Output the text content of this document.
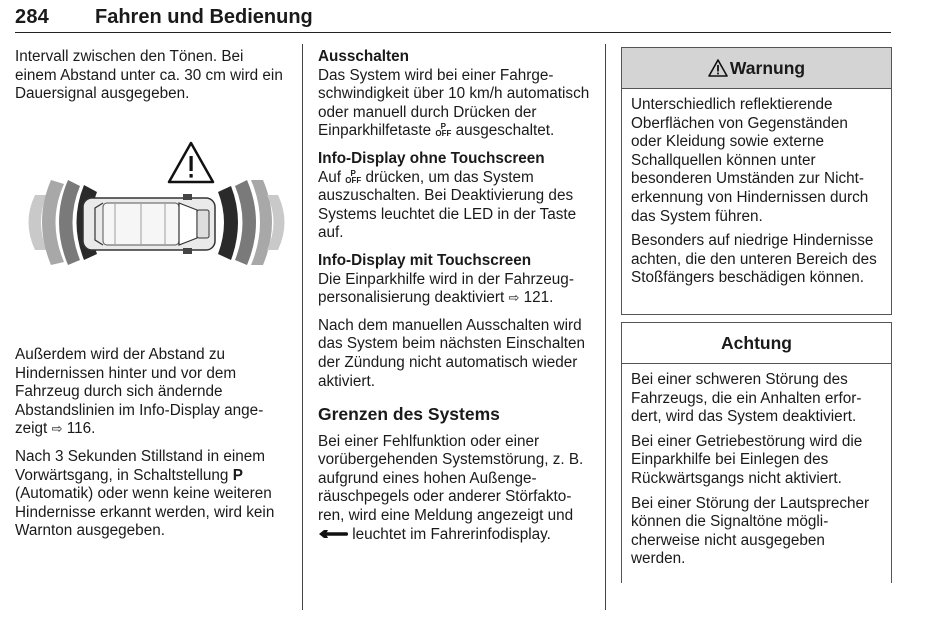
284 Fahren und Bedienung

Intervall zwischen den Tönen. Bei einem Abstand unter ca. 30 cm wird ein Dauersignal ausgegeben.

Außerdem wird der Abstand zu Hindernissen hinter und vor dem Fahrzeug durch sich ändernde Abstandslinien im Info-Display angezeigt ⇨ 116.

Nach 3 Sekunden Stillstand in einem Vorwärtsgang, in Schaltstellung P (Automatik) oder wenn keine weiteren Hindernisse erkannt werden, wird kein Warnton ausgegeben.

Ausschalten

Das System wird bei einer Fahrgeschwindigkeit über 10 km/h automatisch oder manuell durch Drücken der Einparkhilfetaste P
OFF ausgeschaltet.

Info-Display ohne Touchscreen

Auf P
OFF drücken, um das System auszuschalten. Bei Deaktivierung des Systems leuchtet die LED in der Taste auf.

Info-Display mit Touchscreen

Die Einparkhilfe wird in der Fahrzeugpersonalisierung deaktiviert ⇨ 121.

Nach dem manuellen Ausschalten wird das System beim nächsten Einschalten der Zündung nicht automatisch wieder aktiviert.

Grenzen des Systems

Bei einer Fehlfunktion oder einer vorübergehenden Systemstörung, z. B. aufgrund eines hohen Außengeräuschpegels oder anderer Störfaktoren, wird eine Meldung angezeigt und
leuchtet im Fahrerinfodisplay.

Warnung

Unterschiedlich reflektierende Oberflächen von Gegenständen oder Kleidung sowie externe Schallquellen können unter besonderen Umständen zur Nichterkennung von Hindernissen durch das System führen.

Besonders auf niedrige Hindernisse achten, die den unteren Bereich des Stoßfängers beschädigen können.

Achtung

Bei einer schweren Störung des Fahrzeugs, die ein Anhalten erfordert, wird das System deaktiviert.

Bei einer Getriebestörung wird die Einparkhilfe bei Einlegen des Rückwärtsgangs nicht aktiviert.

Bei einer Störung der Lautsprecher können die Signaltöne möglicherweise nicht ausgegeben werden.
